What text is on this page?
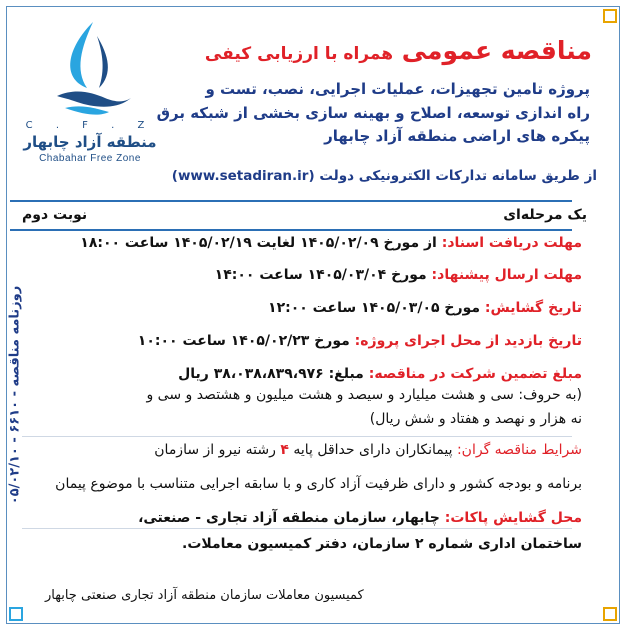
C . F . Z
منطقه آزاد چابهار
Chabahar Free Zone
مناقصه عمومی همراه با ارزیابی کیفی
پروژه تامین تجهیزات، عملیات اجرایی، نصب، تست و
راه اندازی توسعه، اصلاح و بهینه سازی بخشی از شبکه برق
پیکره های اراضی منطقه آزاد چابهار
از طریق سامانه تدارکات الکترونیکی دولت (www.setadiran.ir)
یک مرحله‌ای
نوبت دوم
مهلت دریافت اسناد: از مورخ ۱۴۰۵/۰۲/۰۹ لغایت ۱۴۰۵/۰۲/۱۹ ساعت ۱۸:۰۰
مهلت ارسال پیشنهاد: مورخ ۱۴۰۵/۰۳/۰۴ ساعت ۱۴:۰۰
تاریخ گشایش: مورخ ۱۴۰۵/۰۳/۰۵ ساعت ۱۲:۰۰
تاریخ بازدید از محل اجرای پروژه: مورخ ۱۴۰۵/۰۲/۲۳ ساعت ۱۰:۰۰
مبلغ تضمین شرکت در مناقصه: مبلغ: ۳۸،۰۳۸،۸۳۹،۹۷۶ ریال
(به حروف: سی و هشت میلیارد و سیصد و هشت میلیون و هشتصد و سی و
نه هزار و نهصد و هفتاد و شش ریال)
شرایط مناقصه گران: پیمانکاران دارای حداقل پایه ۴ رشته نیرو از سازمان
برنامه و بودجه کشور و دارای ظرفیت آزاد کاری و با سابقه اجرایی متناسب با موضوع پیمان
محل گشایش پاکات: چابهار، سازمان منطقه آزاد تجاری - صنعتی،
ساختمان اداری شماره ۲ سازمان، دفتر کمیسیون معاملات.
کمیسیون معاملات سازمان منطقه آزاد تجاری صنعتی چابهار
روزنامه مناقصه - ۶۶۱۰ - ۰۵/۰۲/۱۰
